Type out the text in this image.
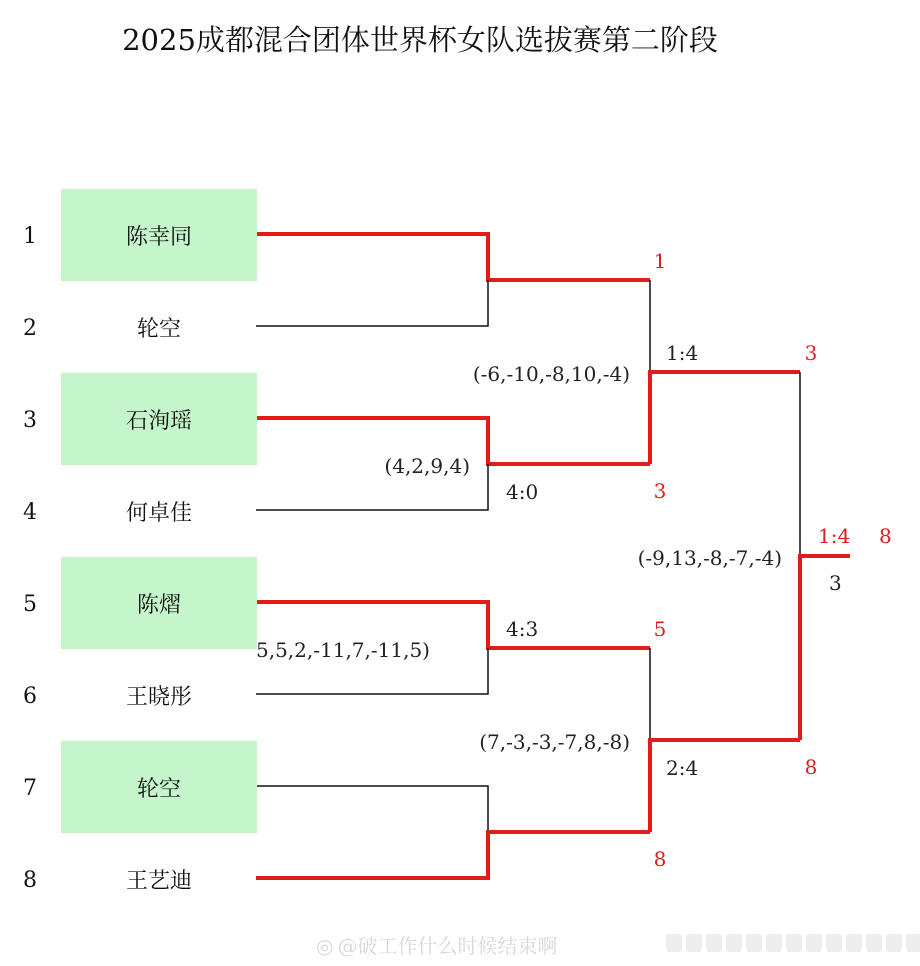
2025成都混合团体世界杯女队选拔赛第二阶段
1
2
3
4
5
6
7
8
陈幸同
轮空
石洵瑶
何卓佳
陈熠
王晓彤
轮空
王艺迪
(-6,-10,-8,10,-4)
(4,2,9,4)
4:0
4:3
5,5,2,-11,7,-11,5)
(7,-3,-3,-7,8,-8)
1
3
5
8
1:4
2:4
(-9,13,-8,-7,-4)
3
8
1:4
3
8
◎ @破工作什么时候结束啊
